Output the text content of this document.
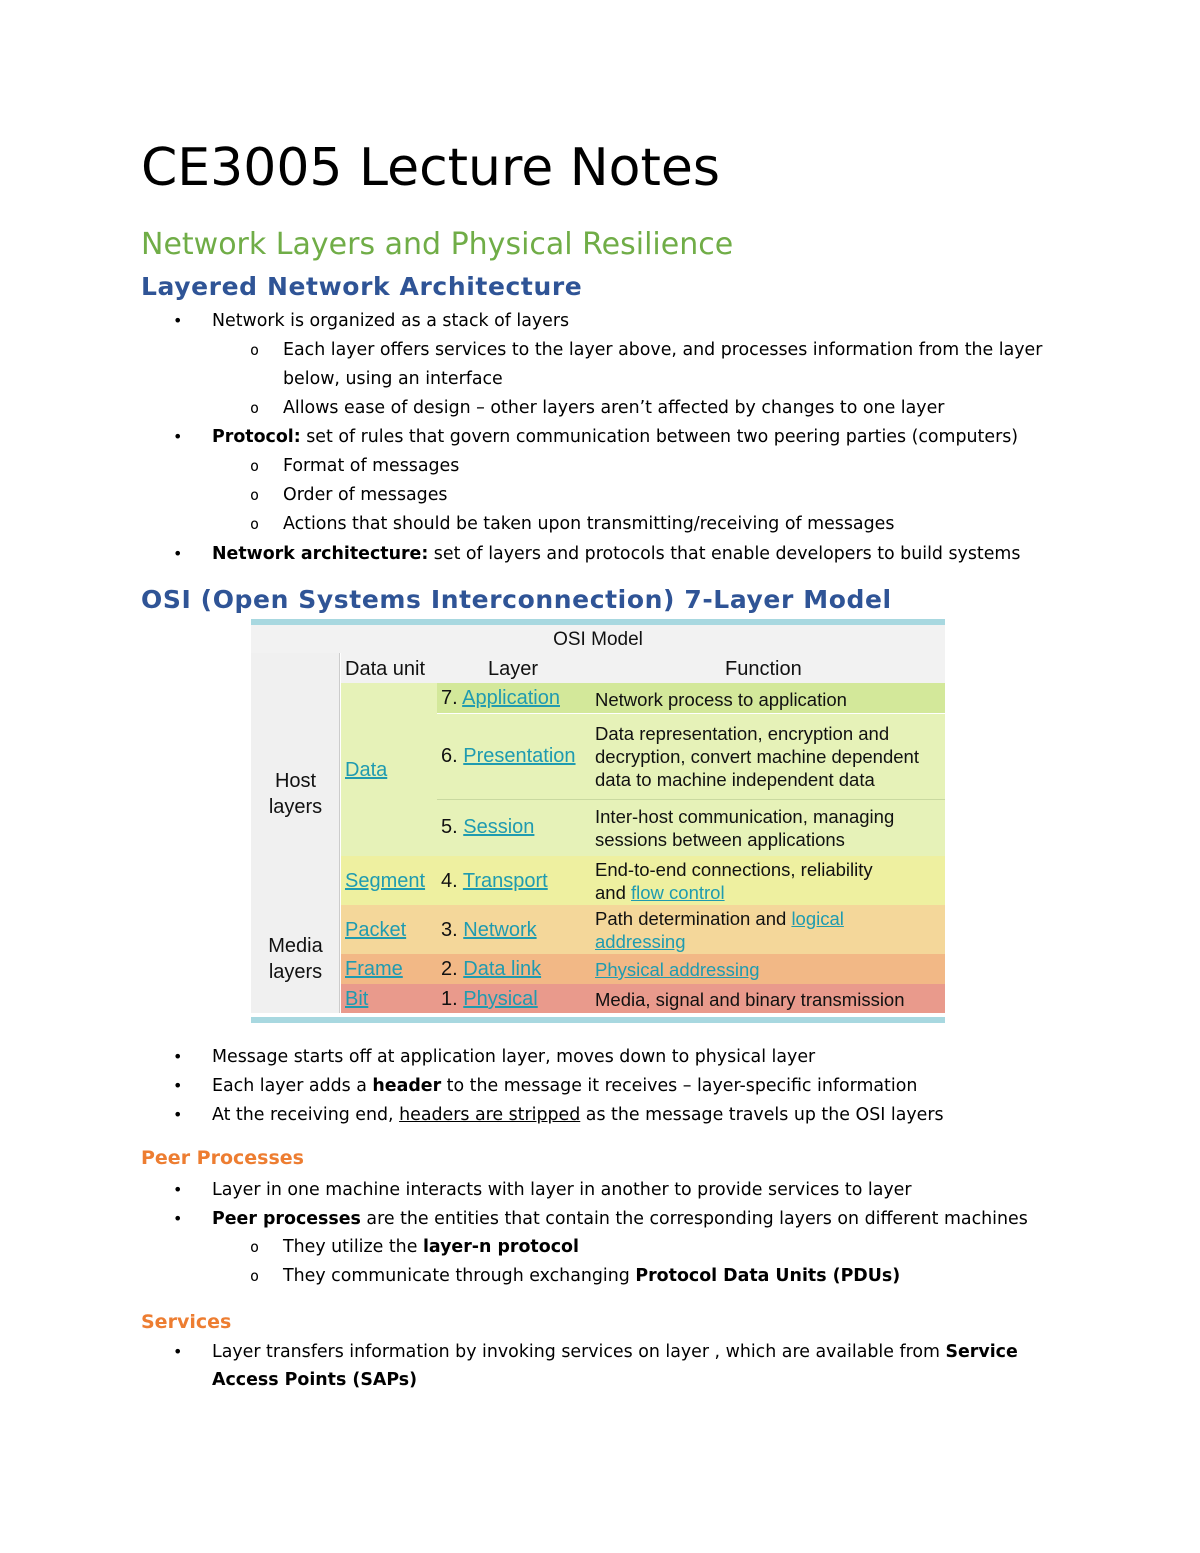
CE3005 Lecture Notes
Network Layers and Physical Resilience
Layered Network Architecture
• Network is organized as a stack of layers
o Each layer offers services to the layer above, and processes information from the layer
below, using an interface
o Allows ease of design – other layers aren’t affected by changes to one layer
• Protocol: set of rules that govern communication between two peering parties (computers)
o Format of messages
o Order of messages
o Actions that should be taken upon transmitting/receiving of messages
• Network architecture: set of layers and protocols that enable developers to build systems
OSI (Open Systems Interconnection) 7-Layer Model
OSI Model
Host
layers
Media
layers
Data unit	Layer	Function
Data
Segment
Packet
Frame
Bit
7. Application
6. Presentation
5. Session
4. Transport
3. Network
2. Data link
1. Physical
Network process to application
Data representation, encryption and
decryption, convert machine dependent
data to machine independent data
Inter-host communication, managing
sessions between applications
End-to-end connections, reliability
and flow control
Path determination and logical
addressing
Physical addressing
Media, signal and binary transmission
• Message starts off at application layer, moves down to physical layer
• Each layer adds a header to the message it receives – layer-specific information
• At the receiving end, headers are stripped as the message travels up the OSI layers
Peer Processes
• Layer in one machine interacts with layer in another to provide services to layer
• Peer processes are the entities that contain the corresponding layers on different machines
o They utilize the layer-n protocol
o They communicate through exchanging Protocol Data Units (PDUs)
Services
• Layer transfers information by invoking services on layer , which are available from Service
Access Points (SAPs)
